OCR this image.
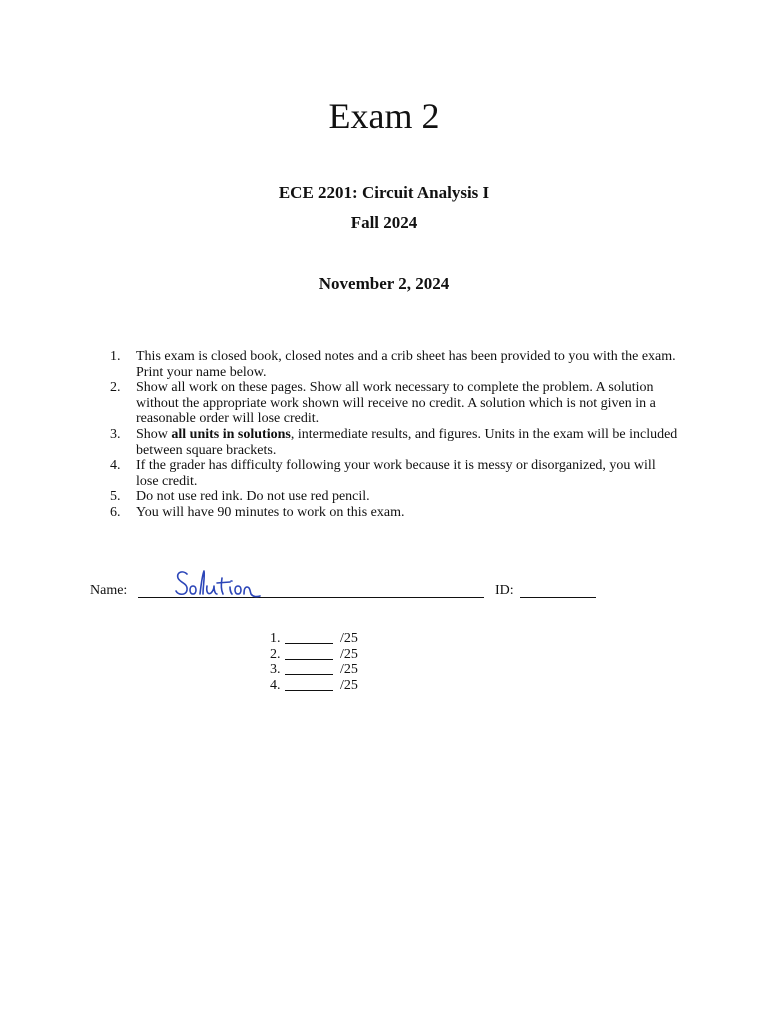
Exam 2
ECE 2201: Circuit Analysis I
Fall 2024
November 2, 2024
1. This exam is closed book, closed notes and a crib sheet has been provided to you with the exam. Print your name below.
2. Show all work on these pages. Show all work necessary to complete the problem. A solution without the appropriate work shown will receive no credit. A solution which is not given in a reasonable order will lose credit.
3. Show all units in solutions, intermediate results, and figures. Units in the exam will be included between square brackets.
4. If the grader has difficulty following your work because it is messy or disorganized, you will lose credit.
5. Do not use red ink. Do not use red pencil.
6. You will have 90 minutes to work on this exam.
Name:	ID:
1.	/25
2.	/25
3.	/25
4.	/25
